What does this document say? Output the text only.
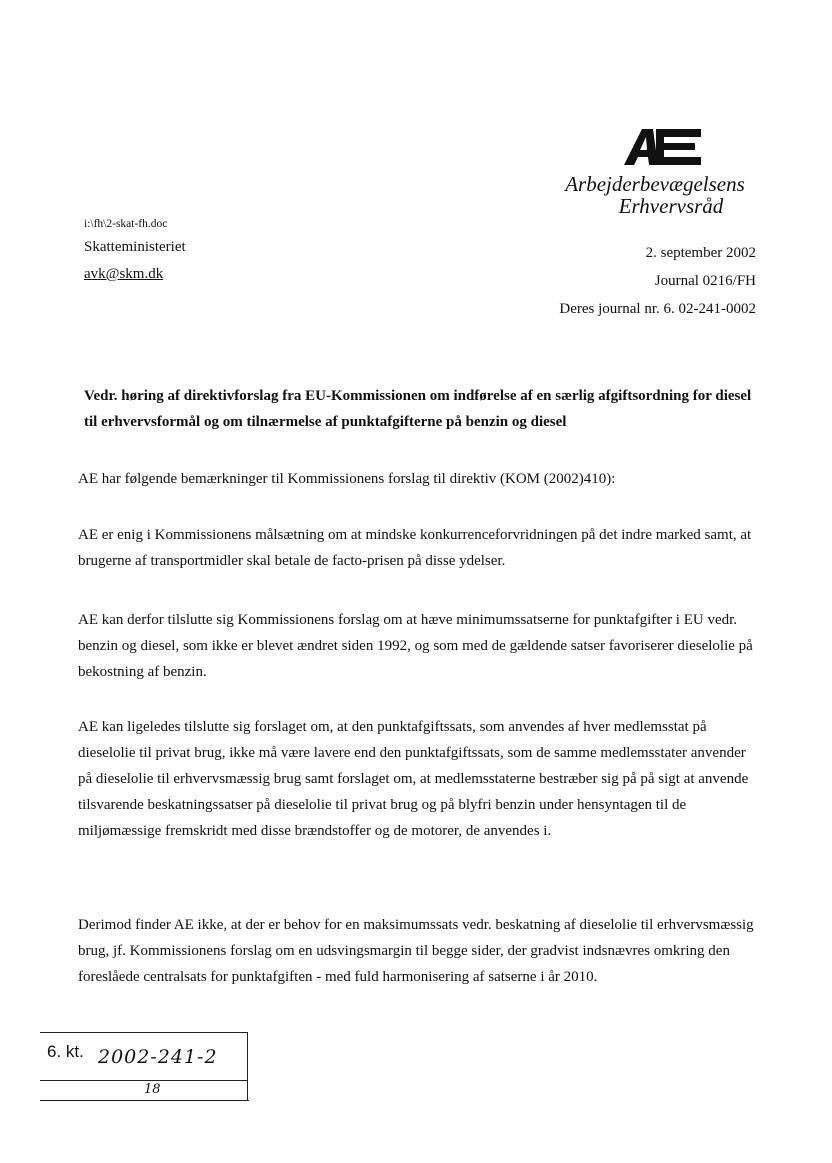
Arbejderbevægelsens
Erhvervsråd
i:\fh\2-skat-fh.doc
Skatteministeriet
avk@skm.dk
2. september 2002
Journal 0216/FH
Deres journal nr. 6. 02-241-0002

Vedr. høring af direktivforslag fra EU-Kommissionen om indførelse af en særlig afgiftsordning for diesel til erhvervsformål og om tilnærmelse af punktafgifterne på benzin og diesel

AE har følgende bemærkninger til Kommissionens forslag til direktiv (KOM (2002)410):

AE er enig i Kommissionens målsætning om at mindske konkurrenceforvridningen på det indre marked samt, at brugerne af transportmidler skal betale de facto-prisen på disse ydelser.

AE kan derfor tilslutte sig Kommissionens forslag om at hæve minimumssatserne for punktafgifter i EU vedr. benzin og diesel, som ikke er blevet ændret siden 1992, og som med de gældende satser favoriserer dieselolie på bekostning af benzin.

AE kan ligeledes tilslutte sig forslaget om, at den punktafgiftssats, som anvendes af hver medlemsstat på dieselolie til privat brug, ikke må være lavere end den punktafgiftssats, som de samme medlemsstater anvender på dieselolie til erhvervsmæssig brug samt forslaget om, at medlemsstaterne bestræber sig på på sigt at anvende tilsvarende beskatningssatser på dieselolie til privat brug og på blyfri benzin under hensyntagen til de miljømæssige fremskridt med disse brændstoffer og de motorer, de anvendes i.

Derimod finder AE ikke, at der er behov for en maksimumssats vedr. beskatning af dieselolie til erhvervsmæssig brug, jf. Kommissionens forslag om en udsvingsmargin til begge sider, der gradvist indsnævres omkring den foreslåede centralsats for punktafgiften - med fuld harmonisering af satserne i år 2010.

6. kt. 2002-241-2
18
